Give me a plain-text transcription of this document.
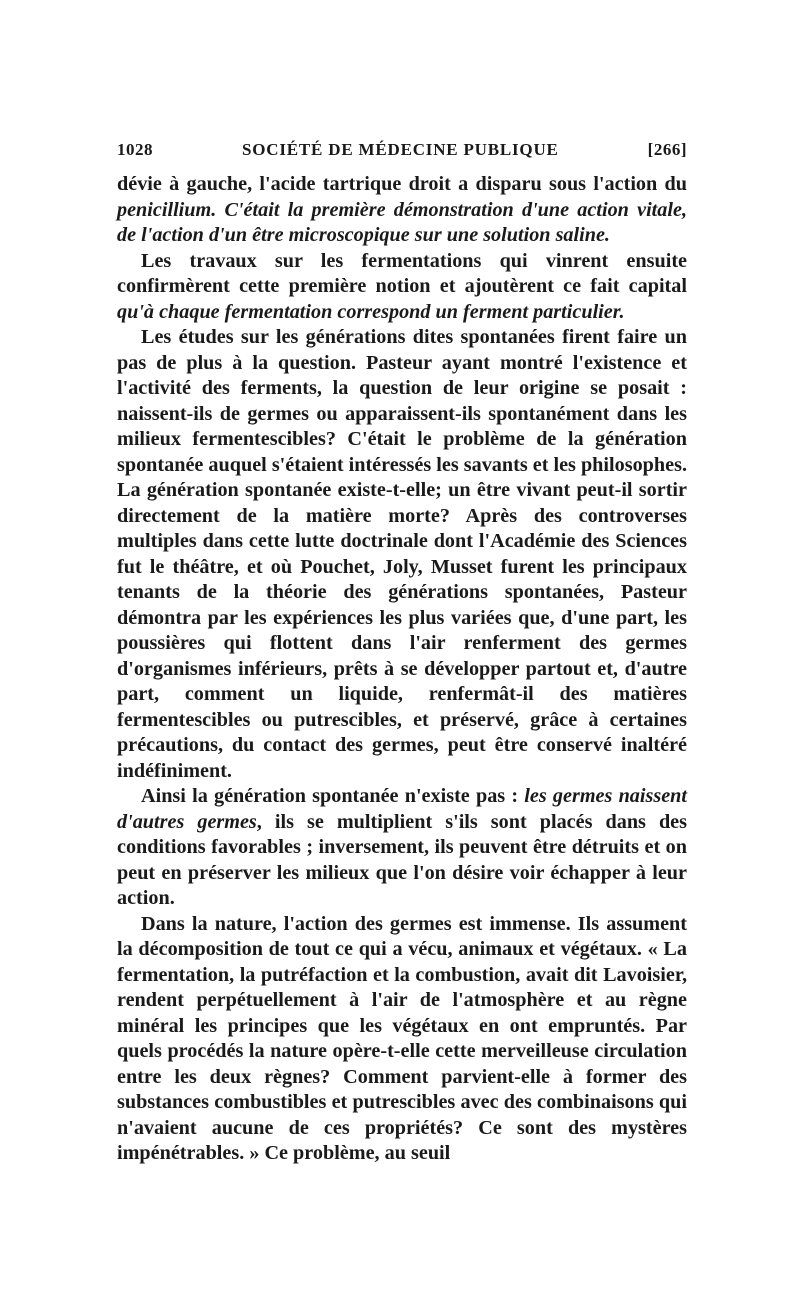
1028	SOCIÉTÉ DE MÉDECINE PUBLIQUE	[266]

dévie à gauche, l'acide tartrique droit a disparu sous l'action du penicillium. C'était la première démonstration d'une action vitale, de l'action d'un être microscopique sur une solution saline.

Les travaux sur les fermentations qui vinrent ensuite confirmèrent cette première notion et ajoutèrent ce fait capital qu'à chaque fermentation correspond un ferment particulier.

Les études sur les générations dites spontanées firent faire un pas de plus à la question. Pasteur ayant montré l'existence et l'activité des ferments, la question de leur origine se posait : naissent-ils de germes ou apparaissent-ils spontanément dans les milieux fermentescibles? C'était le problème de la génération spontanée auquel s'étaient intéressés les savants et les philosophes. La génération spontanée existe-t-elle; un être vivant peut-il sortir directement de la matière morte? Après des controverses multiples dans cette lutte doctrinale dont l'Académie des Sciences fut le théâtre, et où Pouchet, Joly, Musset furent les principaux tenants de la théorie des générations spontanées, Pasteur démontra par les expériences les plus variées que, d'une part, les poussières qui flottent dans l'air renferment des germes d'organismes inférieurs, prêts à se développer partout et, d'autre part, comment un liquide, renfermât-il des matières fermentescibles ou putrescibles, et préservé, grâce à certaines précautions, du contact des germes, peut être conservé inaltéré indéfiniment.

Ainsi la génération spontanée n'existe pas : les germes naissent d'autres germes, ils se multiplient s'ils sont placés dans des conditions favorables ; inversement, ils peuvent être détruits et on peut en préserver les milieux que l'on désire voir échapper à leur action.

Dans la nature, l'action des germes est immense. Ils assument la décomposition de tout ce qui a vécu, animaux et végétaux. « La fermentation, la putréfaction et la combustion, avait dit Lavoisier, rendent perpétuellement à l'air de l'atmosphère et au règne minéral les principes que les végétaux en ont empruntés. Par quels procédés la nature opère-t-elle cette merveilleuse circulation entre les deux règnes? Comment parvient-elle à former des substances combustibles et putrescibles avec des combinaisons qui n'avaient aucune de ces propriétés? Ce sont des mystères impénétrables. » Ce problème, au seuil
